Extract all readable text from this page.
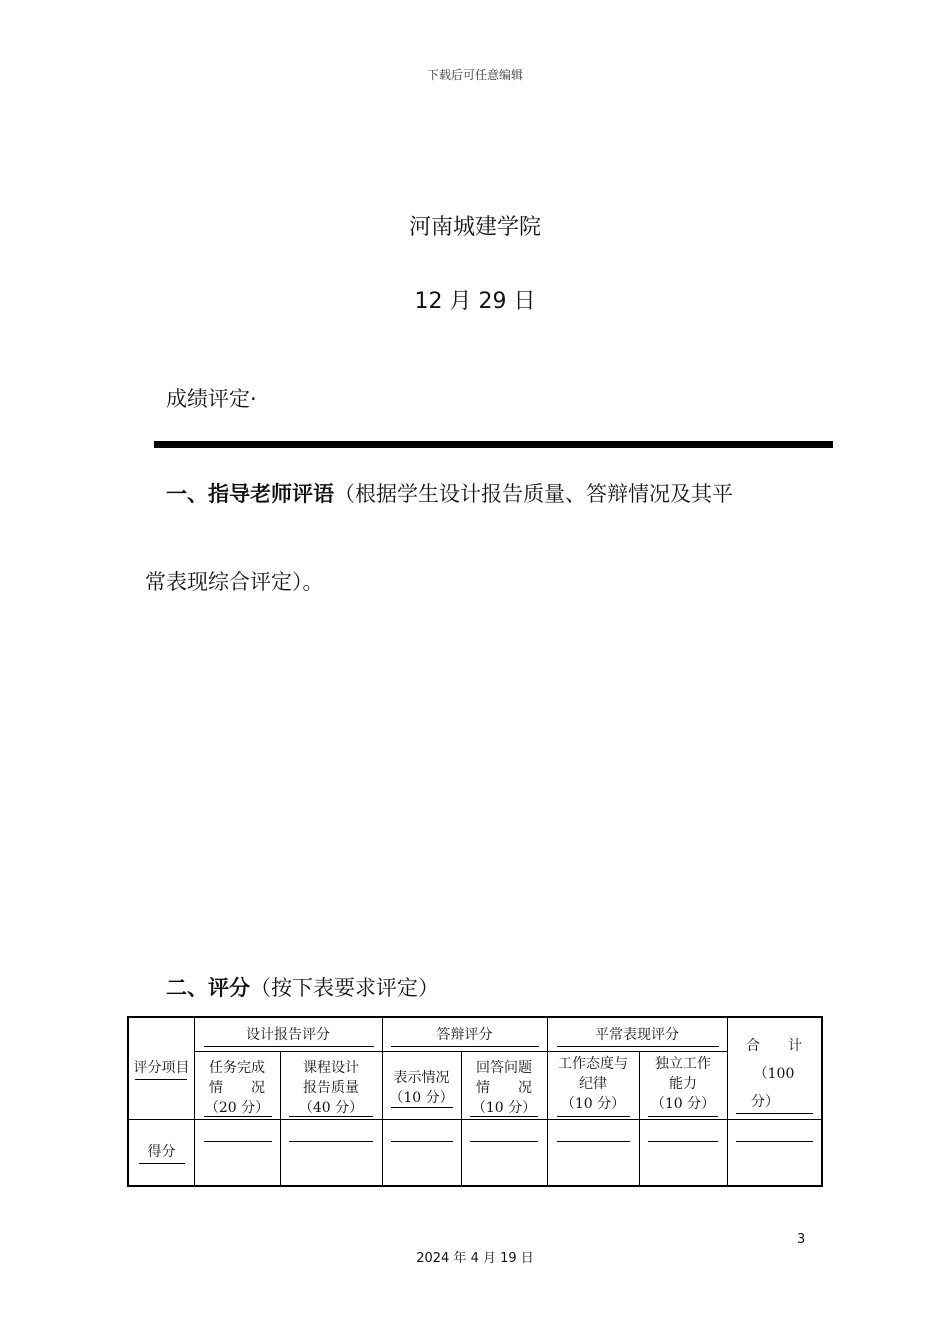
下载后可任意编辑
河南城建学院
12 月 29 日
成绩评定·
一、指导老师评语（根据学生设计报告质量、答辩情况及其平
常表现综合评定）。
二、评分（按下表要求评定）
评分项目
得分
设计报告评分	答辩评分	平常表现评分
任务完成
情　　况
（20 分）
课程设计
报告质量
（40 分）
表示情况
（10 分）
回答问题
情　　况
（10 分）
工作态度与
纪律
（10 分）
独立工作
能力
（10 分）
合　　计
（100
分）
3
2024 年 4 月 19 日
